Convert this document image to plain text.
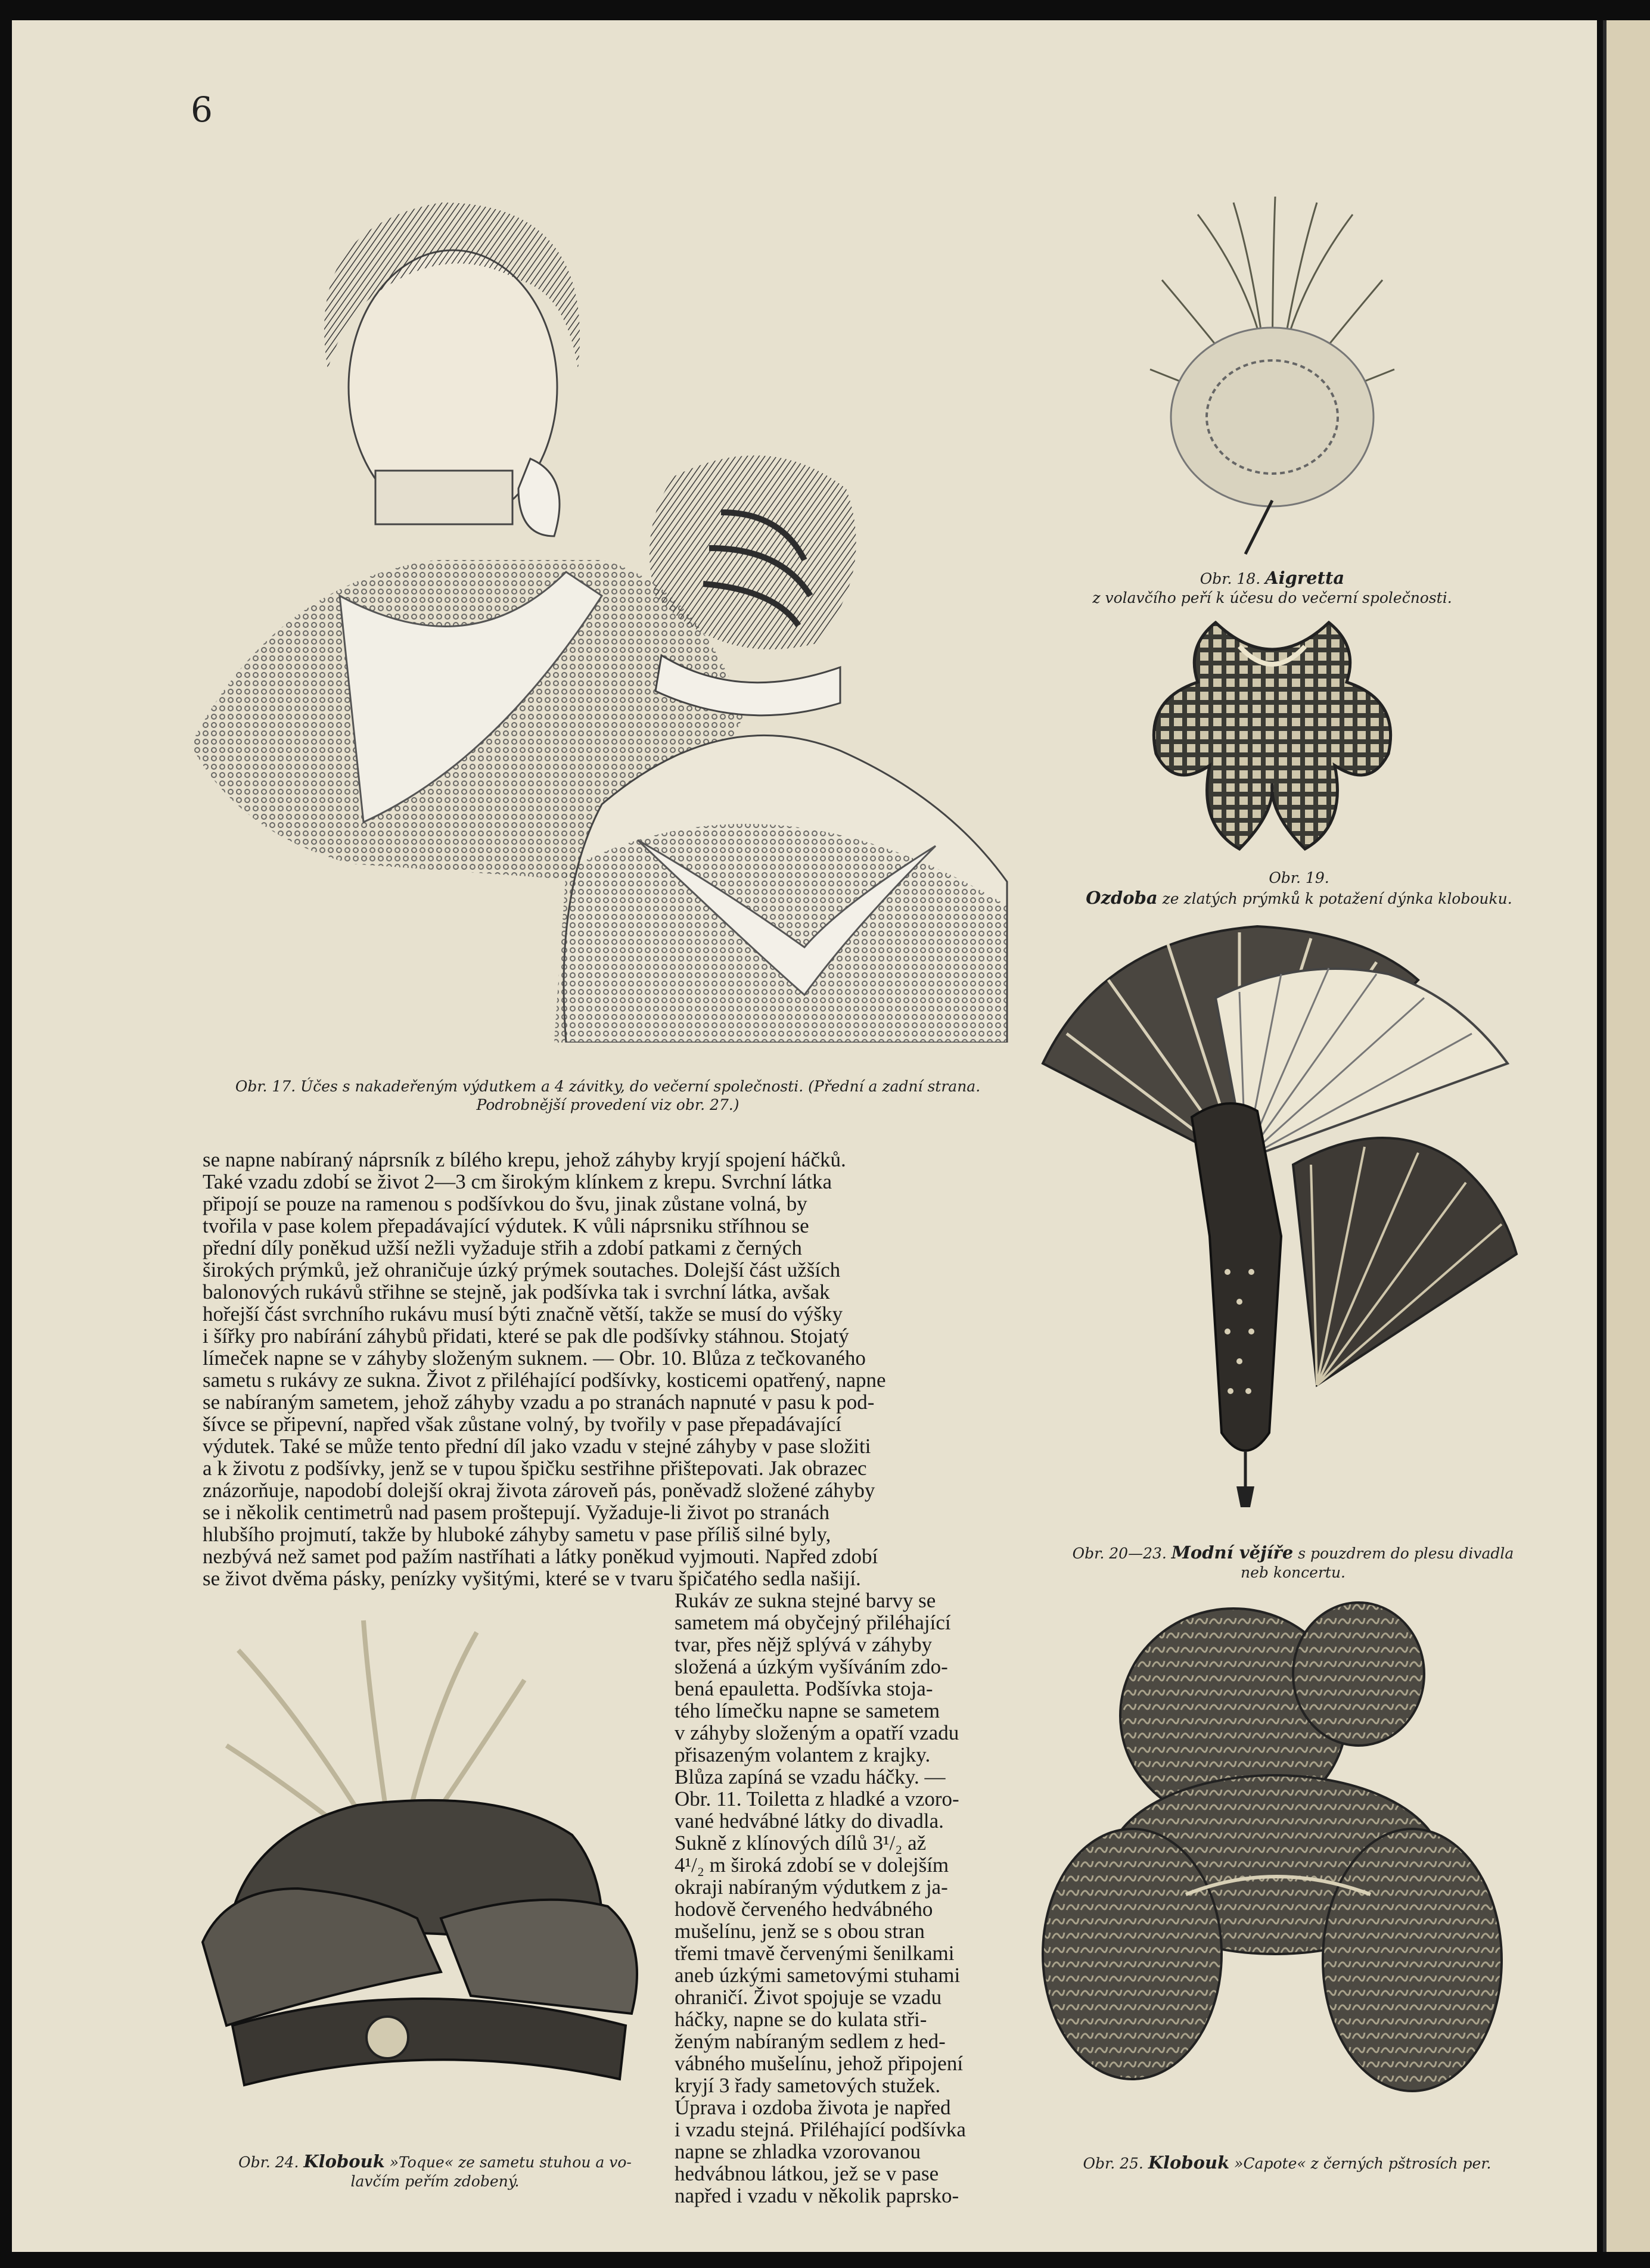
6
Obr. 17. Účes s nakadeřeným výdutkem a 4 závitky, do večerní společnosti. (Přední a zadní strana.
Podrobnější provedení viz obr. 27.)
Obr. 18. Aigretta
z volavčího peří k účesu do večerní společnosti.
Obr. 19.
Ozdoba ze zlatých prýmků k potažení dýnka klobouku.
Obr. 20—23. Modní vějíře s pouzdrem do plesu divadla
neb koncertu.
Obr. 24. Klobouk »Toque« ze sametu stuhou a vo-
lavčím peřím zdobený.
Obr. 25. Klobouk »Capote« z černých pštrosích per.

se napne nabíraný náprsník z bílého krepu, jehož záhyby kryjí spojení háčků.

Také vzadu zdobí se život 2—3 cm širokým klínkem z krepu. Svrchní látka

připojí se pouze na ramenou s podšívkou do švu, jinak zůstane volná, by

tvořila v pase kolem přepadávající výdutek. K vůli náprsniku stříhnou se

přední díly poněkud užší nežli vyžaduje střih a zdobí patkami z černých

širokých prýmků, jež ohraničuje úzký prýmek soutaches. Dolejší část užších

balonových rukávů střihne se stejně, jak podšívka tak i svrchní látka, avšak

hořejší část svrchního rukávu musí býti značně větší, takže se musí do výšky

i šířky pro nabírání záhybů přidati, které se pak dle podšívky stáhnou. Stojatý

límeček napne se v záhyby složeným suknem. — Obr. 10. Blůza z tečkovaného

sametu s rukávy ze sukna. Život z přiléhající podšívky, kosticemi opatřený, napne

se nabíraným sametem, jehož záhyby vzadu a po stranách napnuté v pasu k pod-

šívce se připevní, napřed však zůstane volný, by tvořily v pase přepadávající

výdutek. Také se může tento přední díl jako vzadu v stejné záhyby v pase složiti

a k životu z podšívky, jenž se v tupou špičku sestřihne přištepovati. Jak obrazec

znázorňuje, napodobí dolejší okraj života zároveň pás, poněvadž složené záhyby

se i několik centimetrů nad pasem proštepují. Vyžaduje-li život po stranách

hlubšího projmutí, takže by hluboké záhyby sametu v pase příliš silné byly,

nezbývá než samet pod pažím nastříhati a látky poněkud vyjmouti. Napřed zdobí

se život dvěma pásky, penízky vyšitými, které se v tvaru špičatého sedla našijí.

Rukáv ze sukna stejné barvy se

sametem má obyčejný přiléhající

tvar, přes nějž splývá v záhyby

složená a úzkým vyšíváním zdo-

bená epauletta. Podšívka stoja-

tého límečku napne se sametem

v záhyby složeným a opatří vzadu

přisazeným volantem z krajky.

Blůza zapíná se vzadu háčky. —

Obr. 11. Toiletta z hladké a vzoro-

vané hedvábné látky do divadla.

Sukně z klínových dílů 3¹/₂ až

4¹/₂ m široká zdobí se v dolejším

okraji nabíraným výdutkem z ja-

hodově červeného hedvábného

mušelínu, jenž se s obou stran

třemi tmavě červenými šenilkami

aneb úzkými sametovými stuhami

ohraničí. Život spojuje se vzadu

háčky, napne se do kulata stři-

ženým nabíraným sedlem z hed-

vábného mušelínu, jehož připojení

kryjí 3 řady sametových stužek.

Úprava i ozdoba života je napřed

i vzadu stejná. Přiléhající podšívka

napne se zhladka vzorovanou

hedvábnou látkou, jež se v pase

napřed i vzadu v několik paprsko-
